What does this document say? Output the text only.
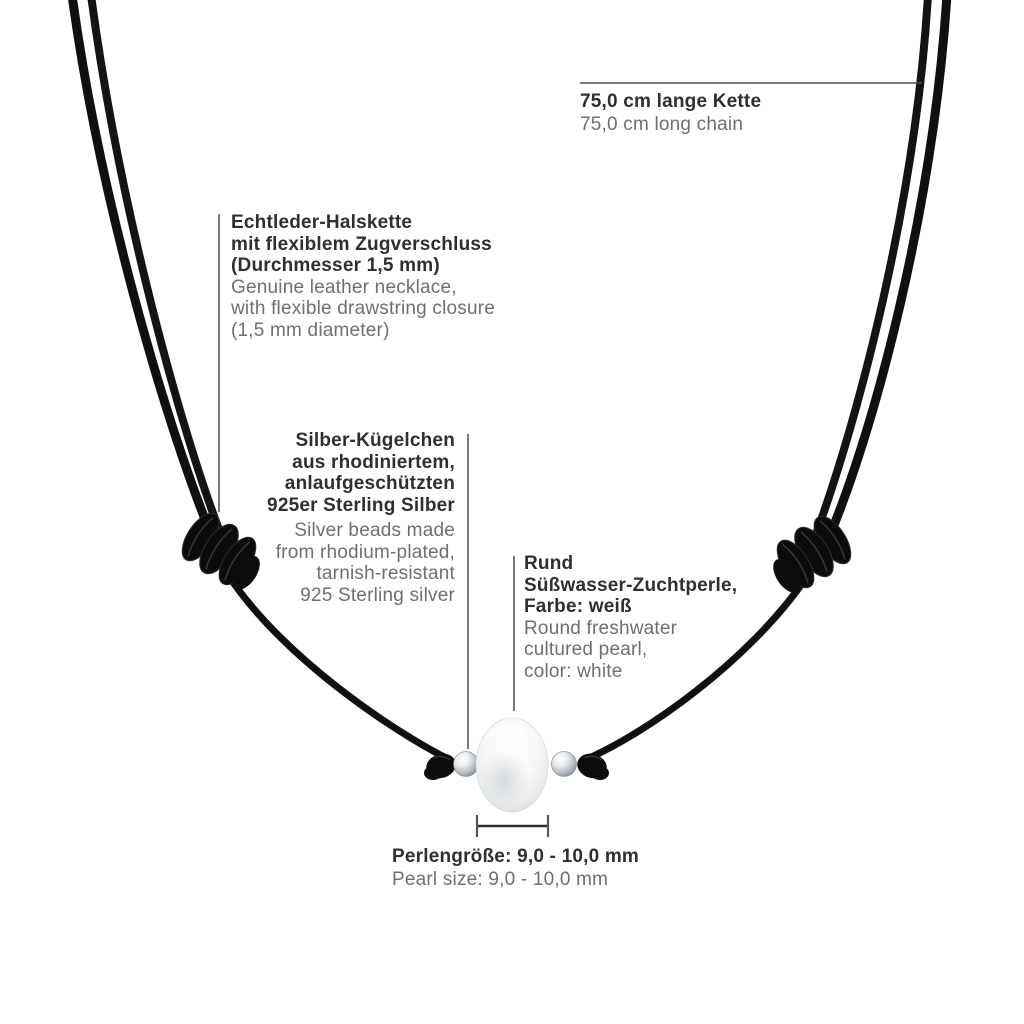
75,0 cm lange Kette
75,0 cm long chain
Echtleder-Halskette
mit flexiblem Zugverschluss
(Durchmesser 1,5 mm)
Genuine leather necklace,
with flexible drawstring closure
(1,5 mm diameter)
Silber-Kügelchen
aus rhodiniertem,
anlaufgeschützten
925er Sterling Silber
Silver beads made
from rhodium-plated,
tarnish-resistant
925 Sterling silver
Rund
Süßwasser-Zuchtperle,
Farbe: weiß
Round freshwater
cultured pearl,
color: white
Perlengröße: 9,0 - 10,0 mm
Pearl size: 9,0 - 10,0 mm
